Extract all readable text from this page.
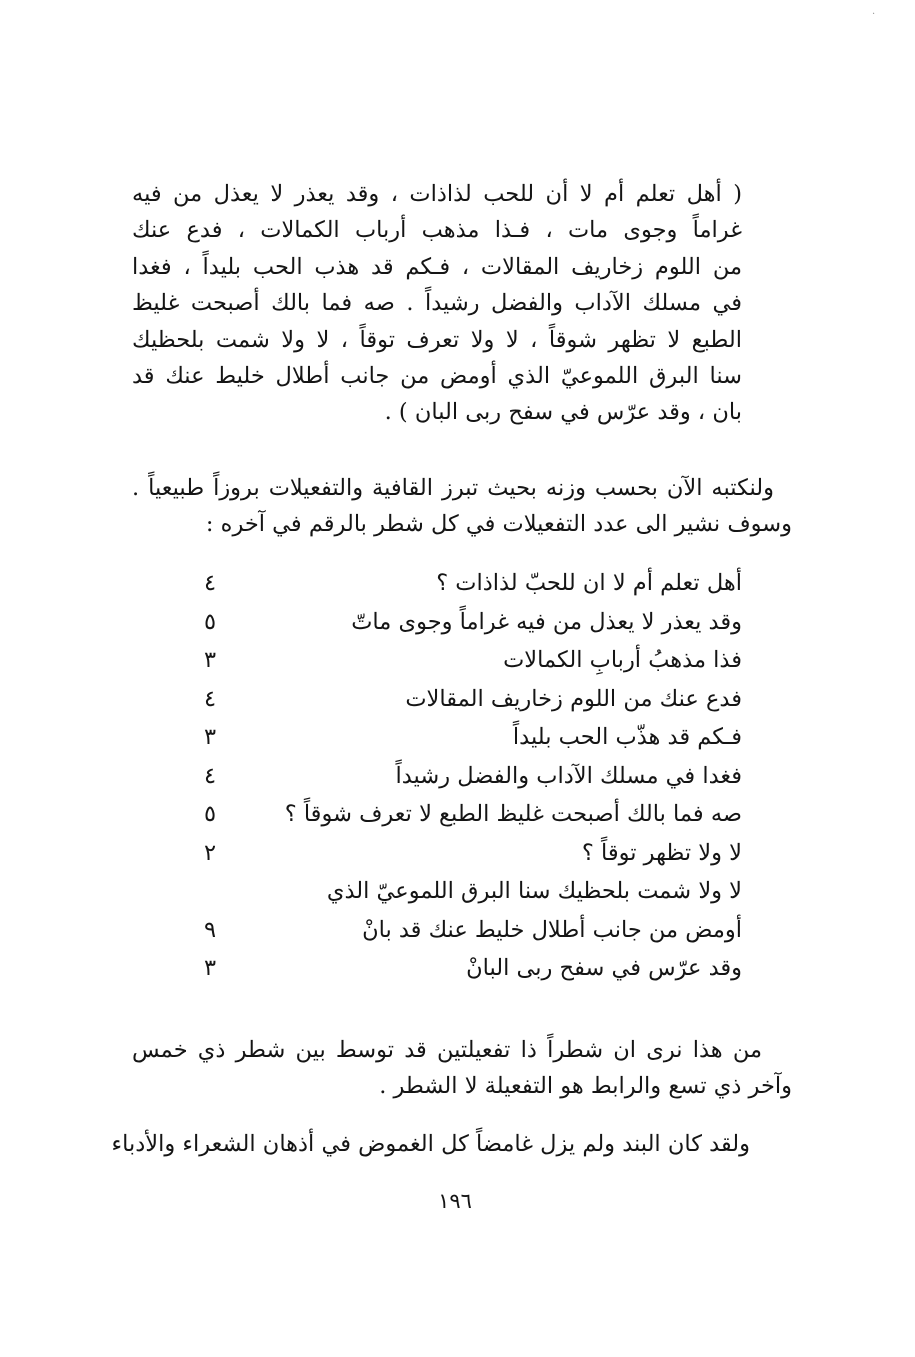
·
( أهل تعلم أم لا أن للحب لذاذات ، وقد يعذر لا يعذل من فيه
غراماً وجوى مات ، فـذا مذهب أرباب الكمالات ، فدع عنك
من اللوم زخاريف المقالات ، فـكم قد هذب الحب بليداً ، فغدا
في مسلك الآداب والفضل رشيداً . صه فما بالك أصبحت غليظ
الطبع لا تظهر شوقاً ، لا ولا تعرف توقاً ، لا ولا شمت بلحظيك
سنا البرق اللموعيّ الذي أومض من جانب أطلال خليط عنك قد
بان ، وقد عرّس في سفح ربى البان ) .
ولنكتبه الآن بحسب وزنه بحيث تبرز القافية والتفعيلات بروزاً طبيعياً .
وسوف نشير الى عدد التفعيلات في كل شطر بالرقم في آخره :
أهل تعلم أم لا ان للحبّ لذاذات ؟
٤
وقد يعذر لا يعذل من فيه غراماً وجوى ماتّ
٥
فذا مذهبُ أربابِ الكمالات
٣
فدع عنك من اللوم زخاريف المقالات
٤
فـكم قد هذّب الحب بليداً
٣
فغدا في مسلك الآداب والفضل رشيداً
٤
صه فما بالك أصبحت غليظ الطبع لا تعرف شوقاً ؟
٥
لا ولا تظهر توقاً ؟
٢
لا ولا شمت بلحظيك سنا البرق اللموعيّ الذي
أومض من جانب أطلال خليط عنك قد بانْ
٩
وقد عرّس في سفح ربى البانْ
٣
من هذا نرى ان شطراً ذا تفعيلتين قد توسط بين شطر ذي خمس
وآخر ذي تسع والرابط هو التفعيلة لا الشطر .
ولقد كان البند ولم يزل غامضاً كل الغموض في أذهان الشعراء والأدباء
١٩٦
